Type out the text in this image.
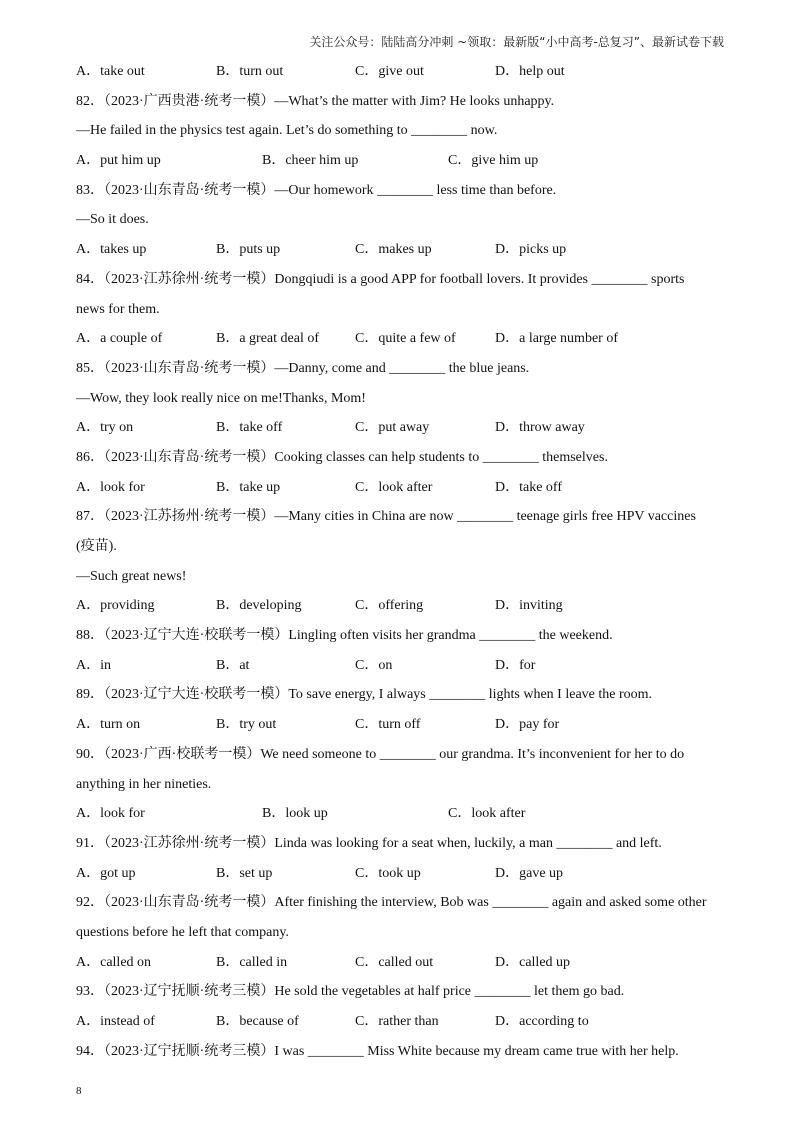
关注公众号：陆陆高分冲刺 ~领取：最新版“小中高考-总复习”、最新试卷下载
A．take out	B．turn out	C．give out	D．help out
82．（2023·广西贵港·统考一模）—What’s the matter with Jim? He looks unhappy.
—He failed in the physics test again. Let’s do something to ________ now.
A．put him up	B．cheer him up	C．give him up
83．（2023·山东青岛·统考一模）—Our homework ________ less time than before.
—So it does.
A．takes up	B．puts up	C．makes up	D．picks up
84．（2023·江苏徐州·统考一模）Dongqiudi is a good APP for football lovers. It provides ________ sports
news for them.
A．a couple of	B．a great deal of	C．quite a few of	D．a large number of
85．（2023·山东青岛·统考一模）—Danny, come and ________ the blue jeans.
—Wow, they look really nice on me!Thanks, Mom!
A．try on	B．take off	C．put away	D．throw away
86．（2023·山东青岛·统考一模）Cooking classes can help students to ________ themselves.
A．look for	B．take up	C．look after	D．take off
87．（2023·江苏扬州·统考一模）—Many cities in China are now ________ teenage girls free HPV vaccines
(疫苗).
—Such great news!
A．providing	B．developing	C．offering	D．inviting
88．（2023·辽宁大连·校联考一模）Lingling often visits her grandma ________ the weekend.
A．in	B．at	C．on	D．for
89．（2023·辽宁大连·校联考一模）To save energy, I always ________ lights when I leave the room.
A．turn on	B．try out	C．turn off	D．pay for
90．（2023·广西·校联考一模）We need someone to ________ our grandma. It’s inconvenient for her to do
anything in her nineties.
A．look for	B．look up	C．look after
91．（2023·江苏徐州·统考一模）Linda was looking for a seat when, luckily, a man ________ and left.
A．got up	B．set up	C．took up	D．gave up
92．（2023·山东青岛·统考一模）After finishing the interview, Bob was ________ again and asked some other
questions before he left that company.
A．called on	B．called in	C．called out	D．called up
93．（2023·辽宁抚顺·统考三模）He sold the vegetables at half price ________ let them go bad.
A．instead of	B．because of	C．rather than	D．according to
94．（2023·辽宁抚顺·统考三模）I was ________ Miss White because my dream came true with her help.
8
